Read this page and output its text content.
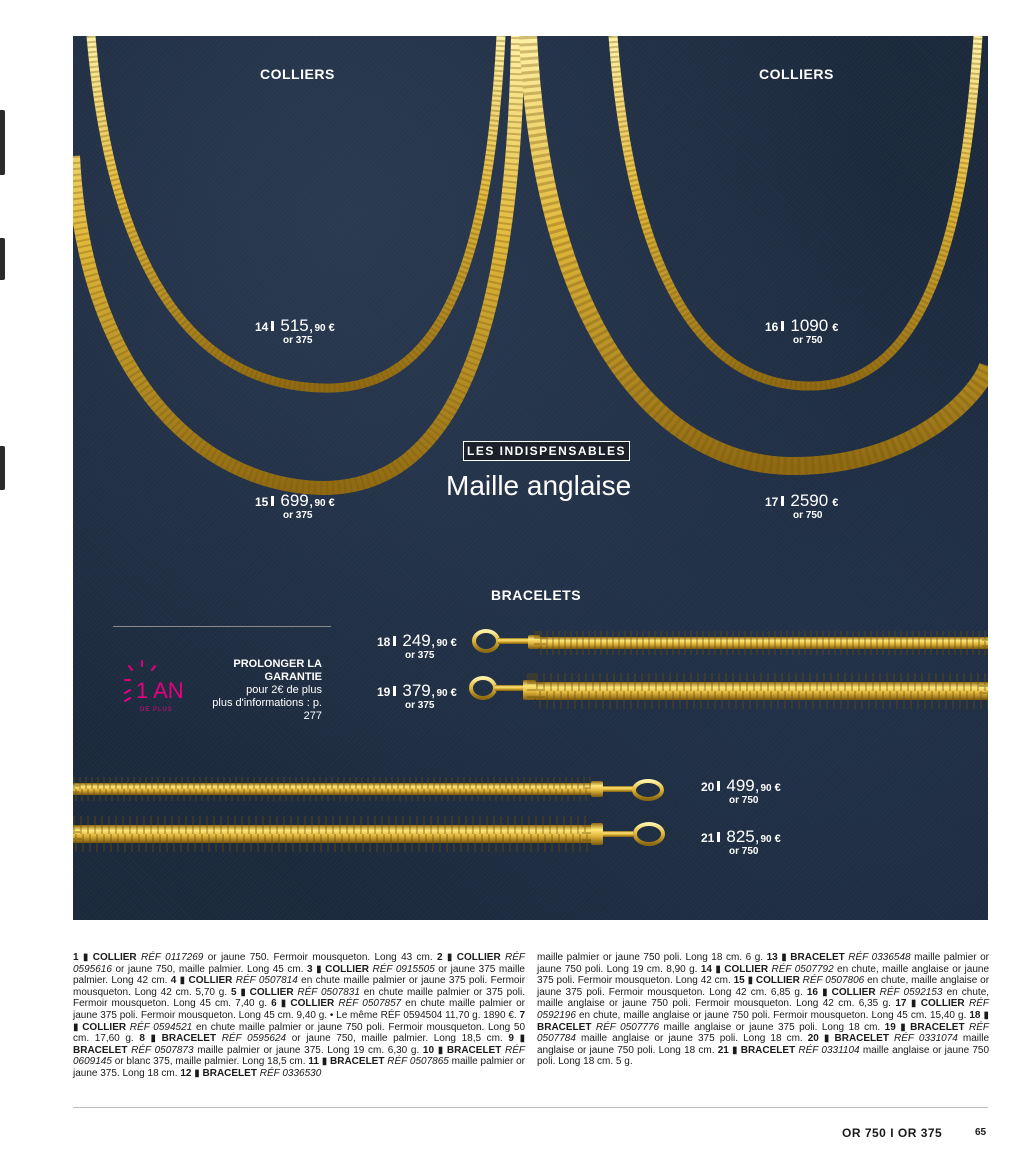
COLLIERS	COLLIERS
BRACELETS
LES INDISPENSABLES
Maille anglaise
14 515, 90 €
or 375
15 699, 90 €
or 375
16 1090 €
or 750
17 2590 €
or 750
18 249, 90 €
or 375
19 379, 90 €
or 375
20 499, 90 €
or 750
21 825, 90 €
or 750
1 AN
DE PLUS
PROLONGER LA
GARANTIE
pour 2€ de plus
plus d'informations : p. 277
1 ▮ COLLIER RÉF 0117269 or jaune 750. Fermoir mousqueton. Long 43 cm. 2 ▮ COLLIER RÉF 0595616 or jaune 750, maille palmier. Long 45 cm. 3 ▮ COLLIER RÉF 0915505 or jaune 375 maille palmier. Long 42 cm. 4 ▮ COLLIER RÉF 0507814 en chute maille palmier or jaune 375 poli. Fermoir mousqueton. Long 42 cm. 5,70 g. 5 ▮ COLLIER RÉF 0507831 en chute maille palmier or 375 poli. Fermoir mousqueton. Long 45 cm. 7,40 g. 6 ▮ COLLIER RÉF 0507857 en chute maille palmier or jaune 375 poli. Fermoir mousqueton. Long 45 cm. 9,40 g. • Le même RÉF 0594504 11,70 g. 1890 €. 7 ▮ COLLIER RÉF 0594521 en chute maille palmier or jaune 750 poli. Fermoir mousqueton. Long 50 cm. 17,60 g. 8 ▮ BRACELET RÉF 0595624 or jaune 750, maille palmier. Long 18,5 cm. 9 ▮ BRACELET RÉF 0507873 maille palmier or jaune 375. Long 19 cm. 6,30 g. 10 ▮ BRACELET RÉF 0609145 or blanc 375, maille palmier. Long 18,5 cm. 11 ▮ BRACELET RÉF 0507865 maille palmier or jaune 375. Long 18 cm. 12 ▮ BRACELET RÉF 0336530
maille palmier or jaune 750 poli. Long 18 cm. 6 g. 13 ▮ BRACELET RÉF 0336548 maille palmier or jaune 750 poli. Long 19 cm. 8,90 g. 14 ▮ COLLIER RÉF 0507792 en chute, maille anglaise or jaune 375 poli. Fermoir mousqueton. Long 42 cm. 15 ▮ COLLIER RÉF 0507806 en chute, maille anglaise or jaune 375 poli. Fermoir mousqueton. Long 42 cm. 6,85 g. 16 ▮ COLLIER RÉF 0592153 en chute, maille anglaise or jaune 750 poli. Fermoir mousqueton. Long 42 cm. 6,35 g. 17 ▮ COLLIER RÉF 0592196 en chute, maille anglaise or jaune 750 poli. Fermoir mousqueton. Long 45 cm. 15,40 g. 18 ▮ BRACELET RÉF 0507776 maille anglaise or jaune 375 poli. Long 18 cm. 19 ▮ BRACELET RÉF 0507784 maille anglaise or jaune 375 poli. Long 18 cm. 20 ▮ BRACELET RÉF 0331074 maille anglaise or jaune 750 poli. Long 18 cm. 21 ▮ BRACELET RÉF 0331104 maille anglaise or jaune 750 poli. Long 18 cm. 5 g.
OR 750 I OR 375	65
